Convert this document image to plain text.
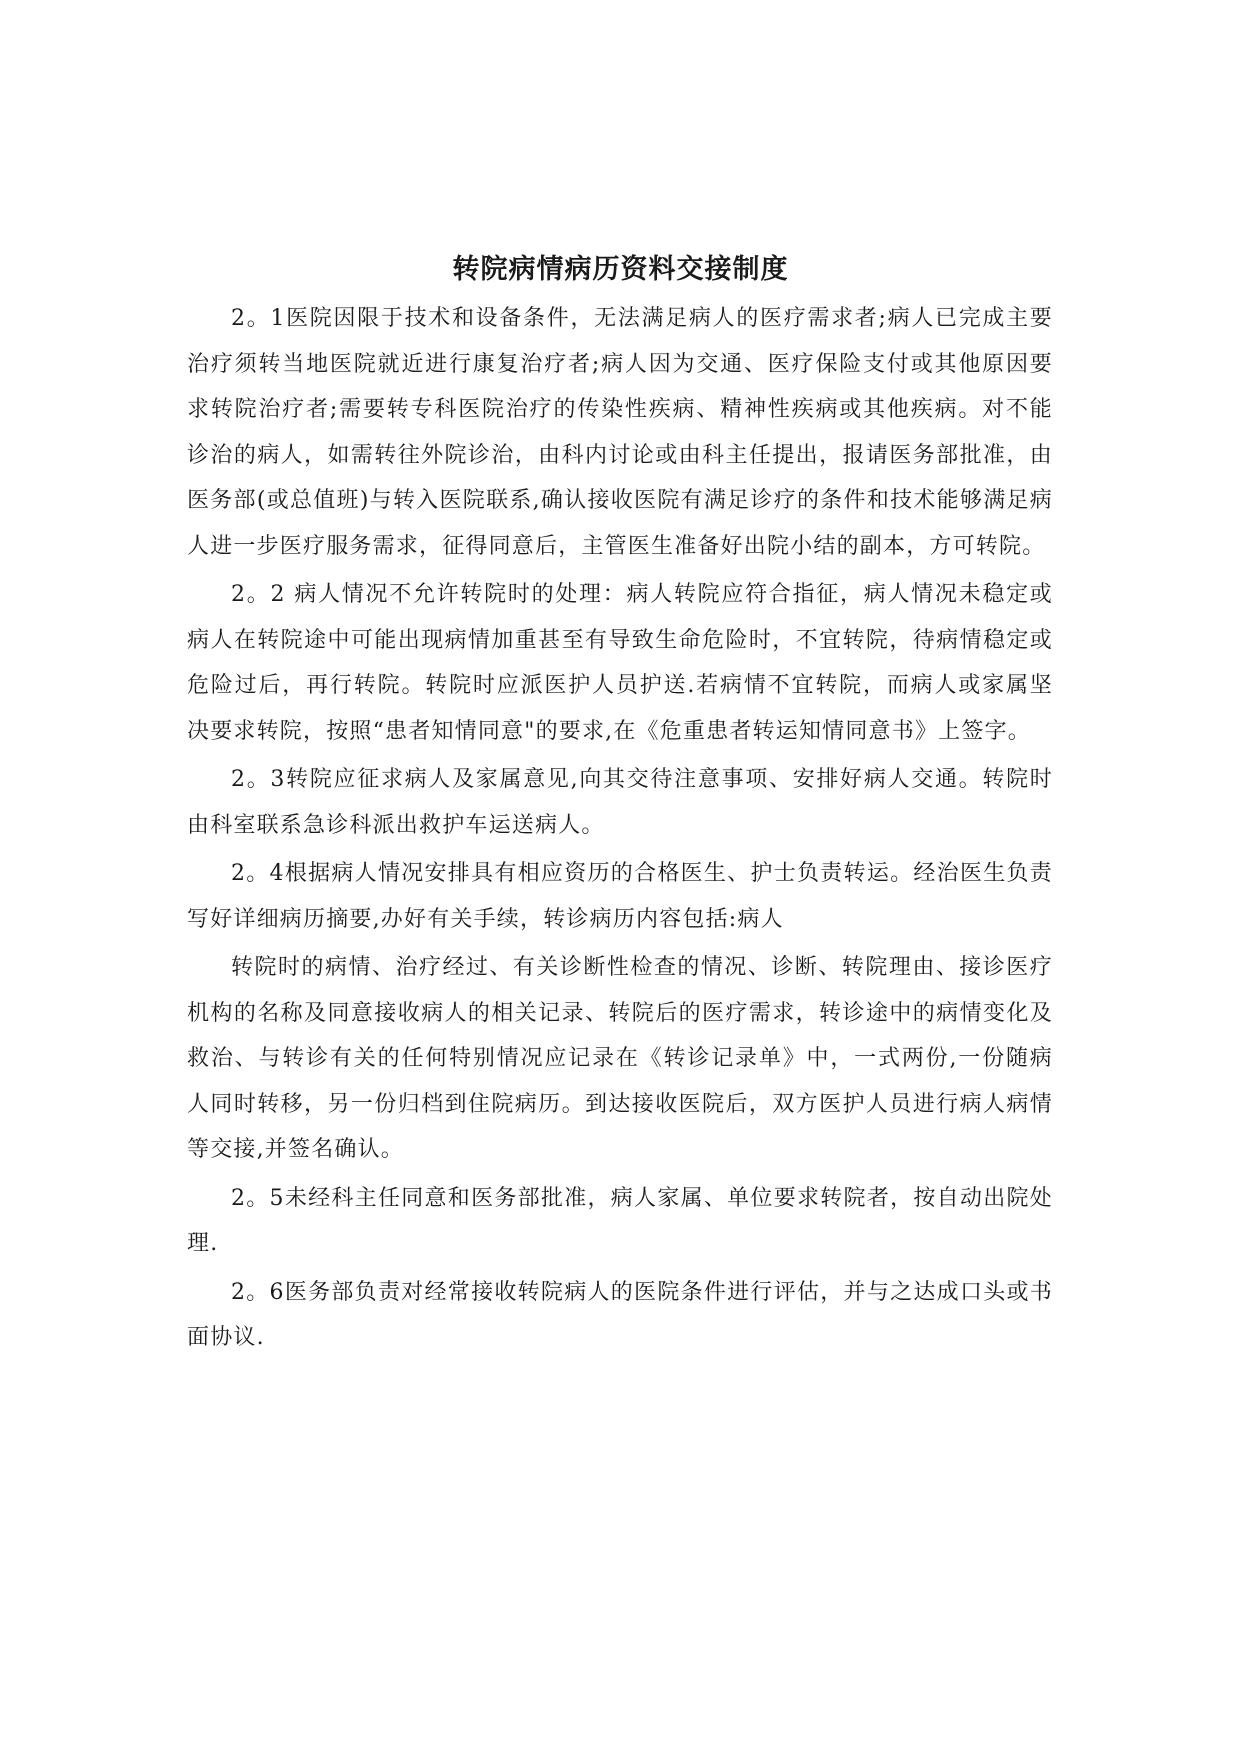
转院病情病历资料交接制度

2。1医院因限于技术和设备条件，无法满足病人的医疗需求者;病人已完成主要治疗须转当地医院就近进行康复治疗者;病人因为交通、医疗保险支付或其他原因要求转院治疗者;需要转专科医院治疗的传染性疾病、精神性疾病或其他疾病。对不能诊治的病人，如需转往外院诊治，由科内讨论或由科主任提出，报请医务部批准，由医务部(或总值班)与转入医院联系,确认接收医院有满足诊疗的条件和技术能够满足病人进一步医疗服务需求，征得同意后，主管医生准备好出院小结的副本，方可转院。

2。2 病人情况不允许转院时的处理：病人转院应符合指征，病人情况未稳定或病人在转院途中可能出现病情加重甚至有导致生命危险时，不宜转院，待病情稳定或危险过后，再行转院。转院时应派医护人员护送.若病情不宜转院，而病人或家属坚决要求转院，按照“患者知情同意"的要求,在《危重患者转运知情同意书》上签字。

2。3转院应征求病人及家属意见,向其交待注意事项、安排好病人交通。转院时由科室联系急诊科派出救护车运送病人。

2。4根据病人情况安排具有相应资历的合格医生、护士负责转运。经治医生负责写好详细病历摘要,办好有关手续，转诊病历内容包括:病人

转院时的病情、治疗经过、有关诊断性检查的情况、诊断、转院理由、接诊医疗机构的名称及同意接收病人的相关记录、转院后的医疗需求，转诊途中的病情变化及救治、与转诊有关的任何特别情况应记录在《转诊记录单》中，一式两份,一份随病人同时转移，另一份归档到住院病历。到达接收医院后，双方医护人员进行病人病情等交接,并签名确认。

2。5未经科主任同意和医务部批准，病人家属、单位要求转院者，按自动出院处理.

2。6医务部负责对经常接收转院病人的医院条件进行评估，并与之达成口头或书面协议.
